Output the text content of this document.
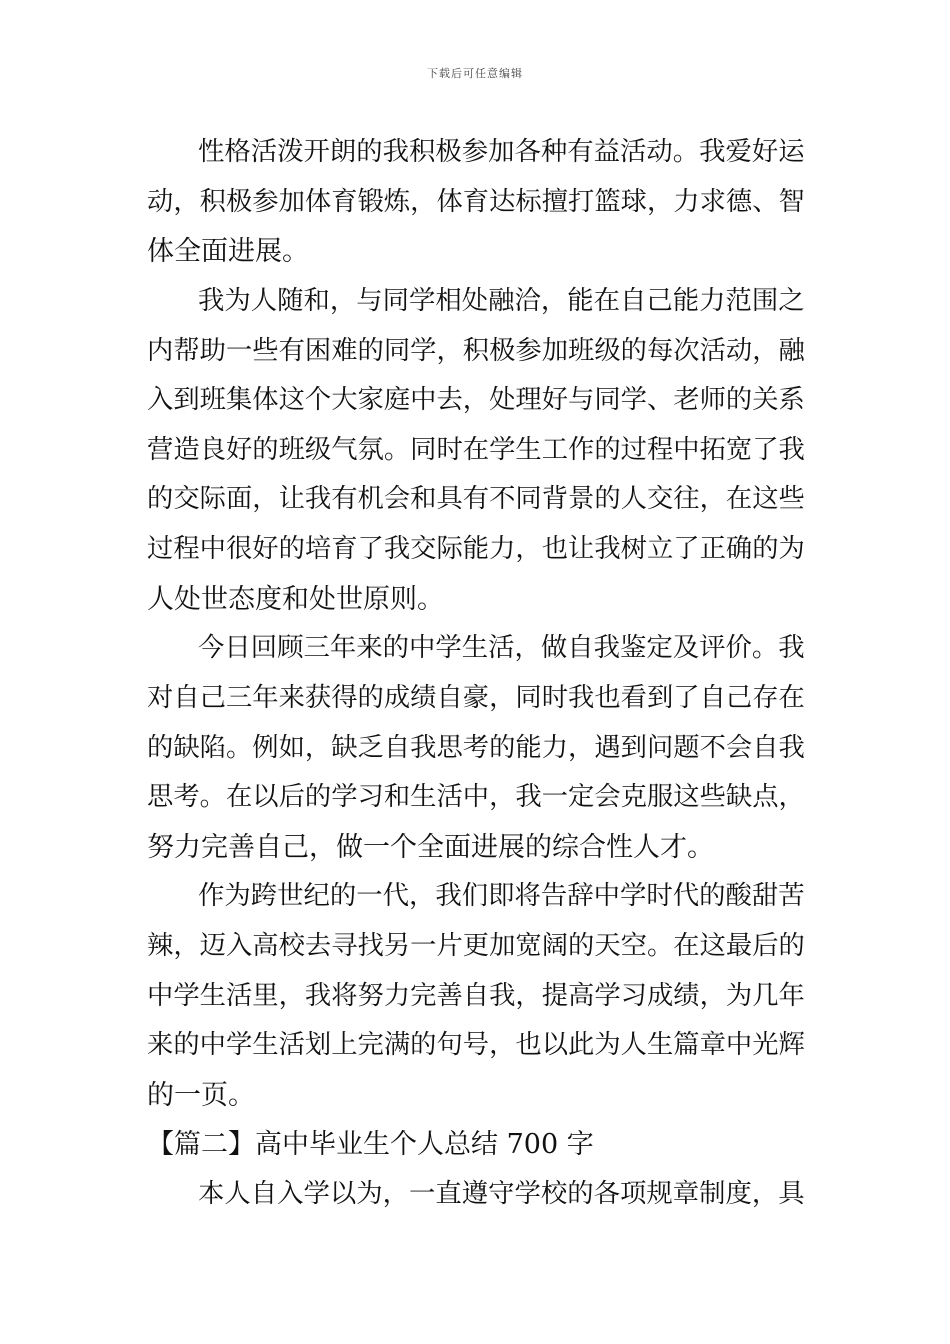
下载后可任意编辑
性格活泼开朗的我积极参加各种有益活动。我爱好运
动，积极参加体育锻炼，体育达标擅打篮球，力求德、智
体全面进展。
我为人随和，与同学相处融洽，能在自己能力范围之
内帮助一些有困难的同学，积极参加班级的每次活动，融
入到班集体这个大家庭中去，处理好与同学、老师的关系
营造良好的班级气氛。同时在学生工作的过程中拓宽了我
的交际面，让我有机会和具有不同背景的人交往，在这些
过程中很好的培育了我交际能力，也让我树立了正确的为
人处世态度和处世原则。
今日回顾三年来的中学生活，做自我鉴定及评价。我
对自己三年来获得的成绩自豪，同时我也看到了自己存在
的缺陷。例如，缺乏自我思考的能力，遇到问题不会自我
思考。在以后的学习和生活中，我一定会克服这些缺点，
努力完善自己，做一个全面进展的综合性人才。
作为跨世纪的一代，我们即将告辞中学时代的酸甜苦
辣，迈入高校去寻找另一片更加宽阔的天空。在这最后的
中学生活里，我将努力完善自我，提高学习成绩，为几年
来的中学生活划上完满的句号，也以此为人生篇章中光辉
的一页。
【篇二】高中毕业生个人总结 700 字
本人自入学以为，一直遵守学校的各项规章制度，具
